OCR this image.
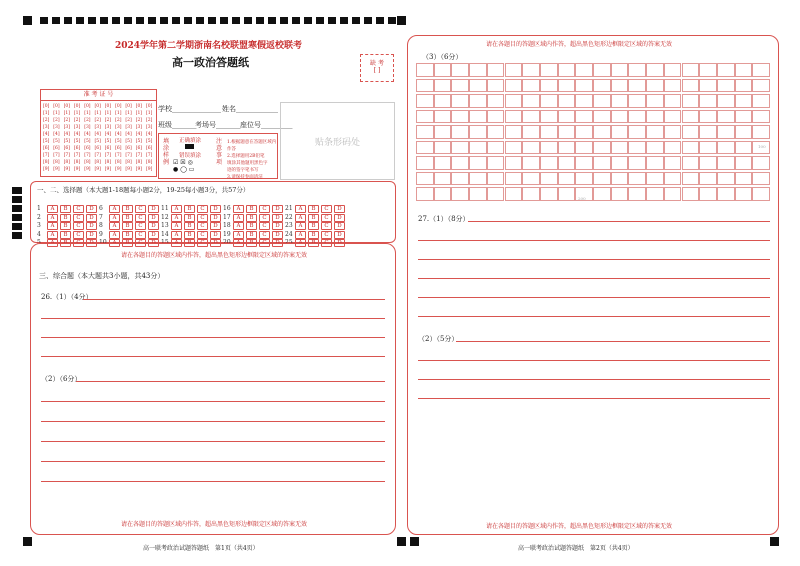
2024学年第二学期浙南名校联盟寒假返校联考
高一政治答题纸	缺 考
[ ]
准 考 证 号
[0]
[1]
[2]
[3]
[4]
[5]
[6]
[7]
[8]
[9]
[0]
[1]
[2]
[3]
[4]
[5]
[6]
[7]
[8]
[9]
[0]
[1]
[2]
[3]
[4]
[5]
[6]
[7]
[8]
[9]
[0]
[1]
[2]
[3]
[4]
[5]
[6]
[7]
[8]
[9]
[0]
[1]
[2]
[3]
[4]
[5]
[6]
[7]
[8]
[9]
[0]
[1]
[2]
[3]
[4]
[5]
[6]
[7]
[8]
[9]
[0]
[1]
[2]
[3]
[4]
[5]
[6]
[7]
[8]
[9]
[0]
[1]
[2]
[3]
[4]
[5]
[6]
[7]
[8]
[9]
[0]
[1]
[2]
[3]
[4]
[5]
[6]
[7]
[8]
[9]
[0]
[1]
[2]
[3]
[4]
[5]
[6]
[7]
[8]
[9]
[0]
[1]
[2]
[3]
[4]
[5]
[6]
[7]
[8]
[9]
学校______________ 姓名____________
班级_______
考场号_______ 座位号_________
贴条形码处
填涂样例
正确填涂
错误填涂
☑ ☒ ◎
● ◯ ▭
注意事项
1.根据题意在答题区域内作答
2.选择题用2B铅笔
填涂其他题用黑色字
迹的签字笔书写
3.请保持卷面清洁
一、二、选择题（本大题1-18题每小题2分，19-25每小题3分，共57分）
1 A B C D
2 A B C D
3 A B C D
4 A B C D
5 A B C D
6 A B C D
7 A B C D
8 A B C D
9 A B C D
10 A B C D
11 A B C D
12 A B C D
13 A B C D
14 A B C D
15 A B C D
16 A B C D
17 A B C D
18 A B C D
19 A B C D
20 A B C D
21 A B C D
22 A B C D
23 A B C D
24 A B C D
25 A B C D
请在各题目的答题区域内作答，超出黑色矩形边框限定区域的答案无效
三、综合题（本大题共3小题，共43分）
26.（1）（4分）
（2）（6分）
请在各题目的答题区域内作答，超出黑色矩形边框限定区域的答案无效
高一联考政治试题答题纸　第1页（共4页）
请在各题目的答题区域内作答，超出黑色矩形边框限定区域的答案无效
（3）（6分）
100
200
27.（1）（8分）
（2）（5分）
请在各题目的答题区域内作答，超出黑色矩形边框限定区域的答案无效
高一联考政治试题答题纸　第2页（共4页）
